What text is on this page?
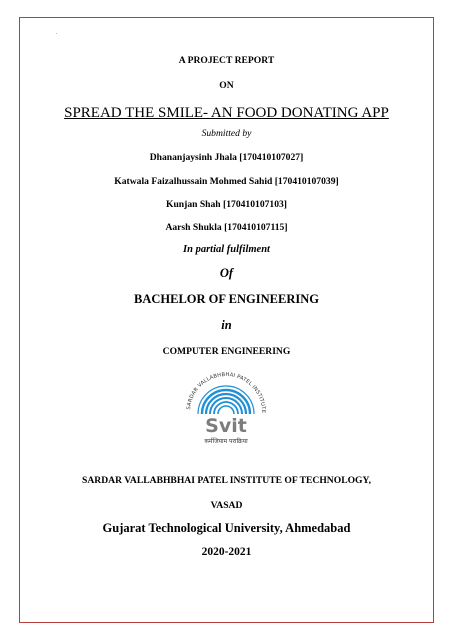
.
A PROJECT REPORT
ON
SPREAD THE SMILE- AN FOOD DONATING APP
Submitted by
Dhananjaysinh Jhala [170410107027]
Katwala Faizalhussain Mohmed Sahid [170410107039]
Kunjan Shah [170410107103]
Aarsh Shukla [170410107115]
In partial fulfilment
Of
BACHELOR OF ENGINEERING
in
COMPUTER ENGINEERING
SARDAR VALLABHBHAI PATEL INSTITUTE
Svit
कर्मजियाम पराक्रिया
SARDAR VALLABHBHAI PATEL INSTITUTE OF TECHNOLOGY,
VASAD
Gujarat Technological University, Ahmedabad
2020-2021
